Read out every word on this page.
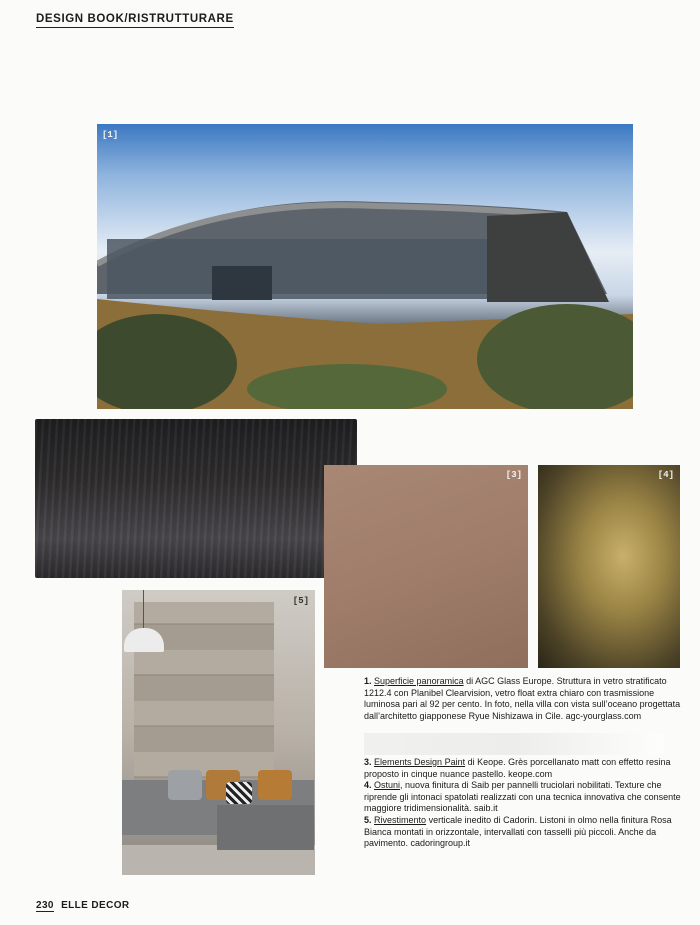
DESIGN BOOK/RISTRUTTURARE
[1]
[3]	[4]
[5]
1. Superficie panoramica di AGC Glass Europe. Struttura in vetro stratificato 1212.4 con Planibel Clearvision, vetro float extra chiaro con trasmissione luminosa pari al 92 per cento. In foto, nella villa con vista sull’oceano progettata dall’architetto giapponese Ryue Nishizawa in Cile. agc-yourglass.com
3. Elements Design Paint di Keope. Grès porcellanato matt con effetto resina proposto in cinque nuance pastello. keope.com
4. Ostuni, nuova finitura di Saib per pannelli truciolari nobilitati. Texture che riprende gli intonaci spatolati realizzati con una tecnica innovativa che consente maggiore tridimensionalità. saib.it
5. Rivestimento verticale inedito di Cadorin. Listoni in olmo nella finitura Rosa Bianca montati in orizzontale, intervallati con tasselli più piccoli. Anche da pavimento. cadoringroup.it
230 ELLE DECOR
